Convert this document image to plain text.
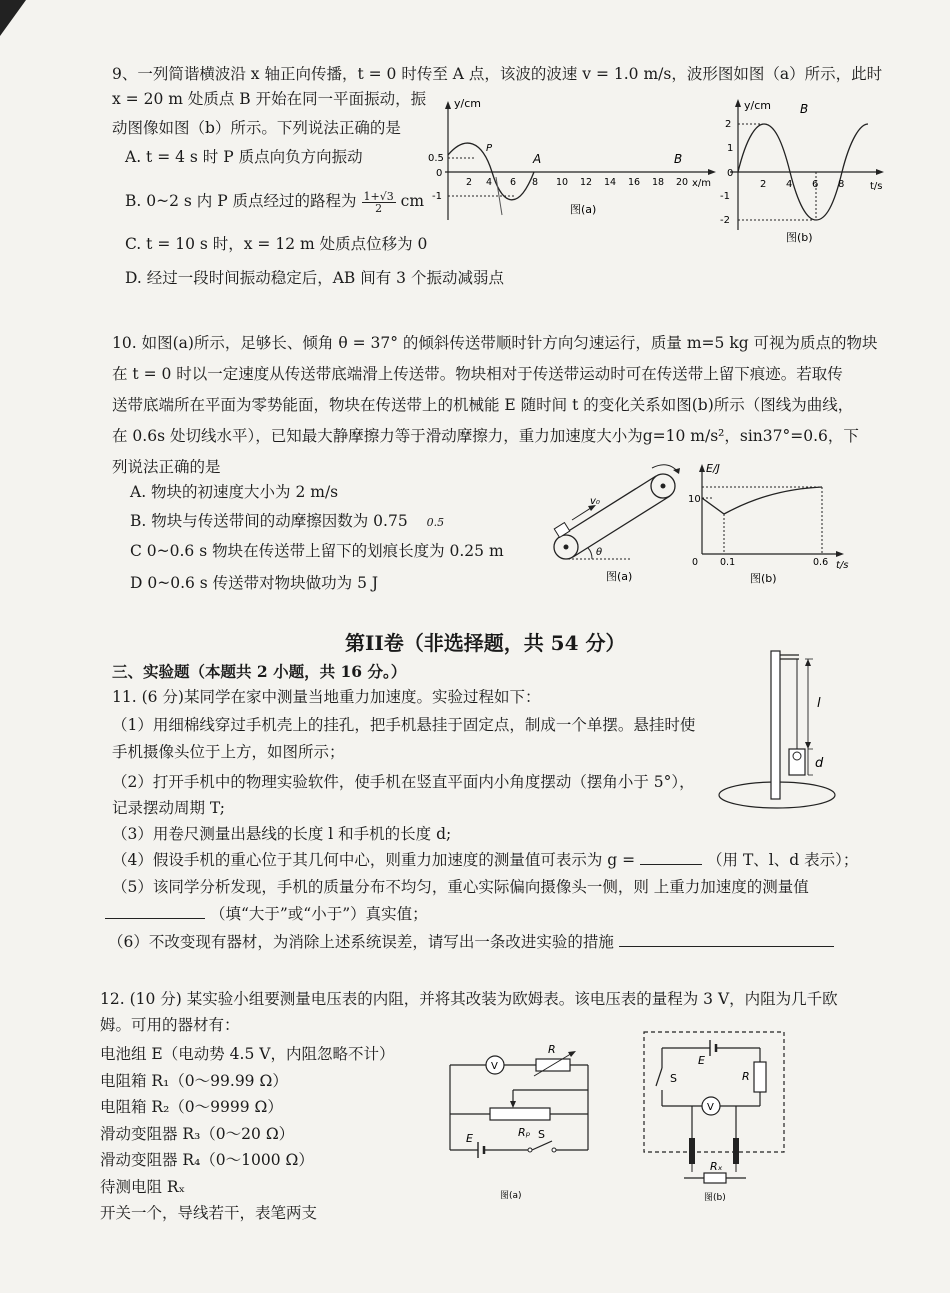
9、一列简谐横波沿 x 轴正向传播，t = 0 时传至 A 点，该波的波速 v = 1.0 m/s，波形图如图（a）所示，此时
x = 20 m 处质点 B 开始在同一平面振动，振
动图像如图（b）所示。下列说法正确的是
A. t = 4 s 时 P 质点向负方向振动
B. 0~2 s 内 P 质点经过的路程为 $\frac{1+√3}{2}$ cm
C. t = 10 s 时，x = 12 m 处质点位移为 0
D. 经过一段时间振动稳定后，AB 间有 3 个振动减弱点
y/cm
x/m
0.5
0
-1
2 4 6 8 10 12 14 16 18 20
P
A	B
图(a)
y/cm B
t/s
2
1
0
-1
-2
2 4 6 8
图(b)
10. 如图(a)所示，足够长、倾角 θ = 37° 的倾斜传送带顺时针方向匀速运行，质量 m=5 kg 可视为质点的物块
在 t = 0 时以一定速度从传送带底端滑上传送带。物块相对于传送带运动时可在传送带上留下痕迹。若取传
送带底端所在平面为零势能面，物块在传送带上的机械能 E 随时间 t 的变化关系如图(b)所示（图线为曲线，
在 0.6s 处切线水平），已知最大静摩擦力等于滑动摩擦力，重力加速度大小为g=10 m/s²，sin37°=0.6，下
列说法正确的是
A. 物块的初速度大小为 2 m/s
B. 物块与传送带间的动摩擦因数为 0.75 0.5
C 0~0.6 s 物块在传送带上留下的划痕长度为 0.25 m
D 0~0.6 s 传送带对物块做功为 5 J
v₀
θ
图(a)
E/J
t/s
10
0 0.1	0.6
图(b)
第II卷（非选择题，共 54 分）
三、实验题（本题共 2 小题，共 16 分。）
11. (6 分)某同学在家中测量当地重力加速度。实验过程如下：
（1）用细棉线穿过手机壳上的挂孔，把手机悬挂于固定点，制成一个单摆。悬挂时使
手机摄像头位于上方，如图所示；
（2）打开手机中的物理实验软件，使手机在竖直平面内小角度摆动（摆角小于 5°），
记录摆动周期 T;
（3）用卷尺测量出悬线的长度 l 和手机的长度 d;
（4）假设手机的重心位于其几何中心，则重力加速度的测量值可表示为 g =	（用 T、l、d 表示）；
（5）该同学分析发现，手机的质量分布不均匀，重心实际偏向摄像头一侧，则 上重力加速度的测量值
（填“大于”或“小于”）真实值；
（6）不改变现有器材，为消除上述系统误差，请写出一条改进实验的措施
l
d
12. (10 分) 某实验小组要测量电压表的内阻，并将其改装为欧姆表。该电压表的量程为 3 V，内阻为几千欧
姆。可用的器材有：
电池组 E（电动势 4.5 V，内阻忽略不计）
电阻箱 R₁（0～99.99 Ω）
电阻箱 R₂（0～9999 Ω）
滑动变阻器 R₃（0～20 Ω）
滑动变阻器 R₄（0～1000 Ω）
待测电阻 Rₓ
开关一个，导线若干，表笔两支
V
R
Rₚ
E	S
图(a)
E
S	R
V
Rₓ
图(b)
